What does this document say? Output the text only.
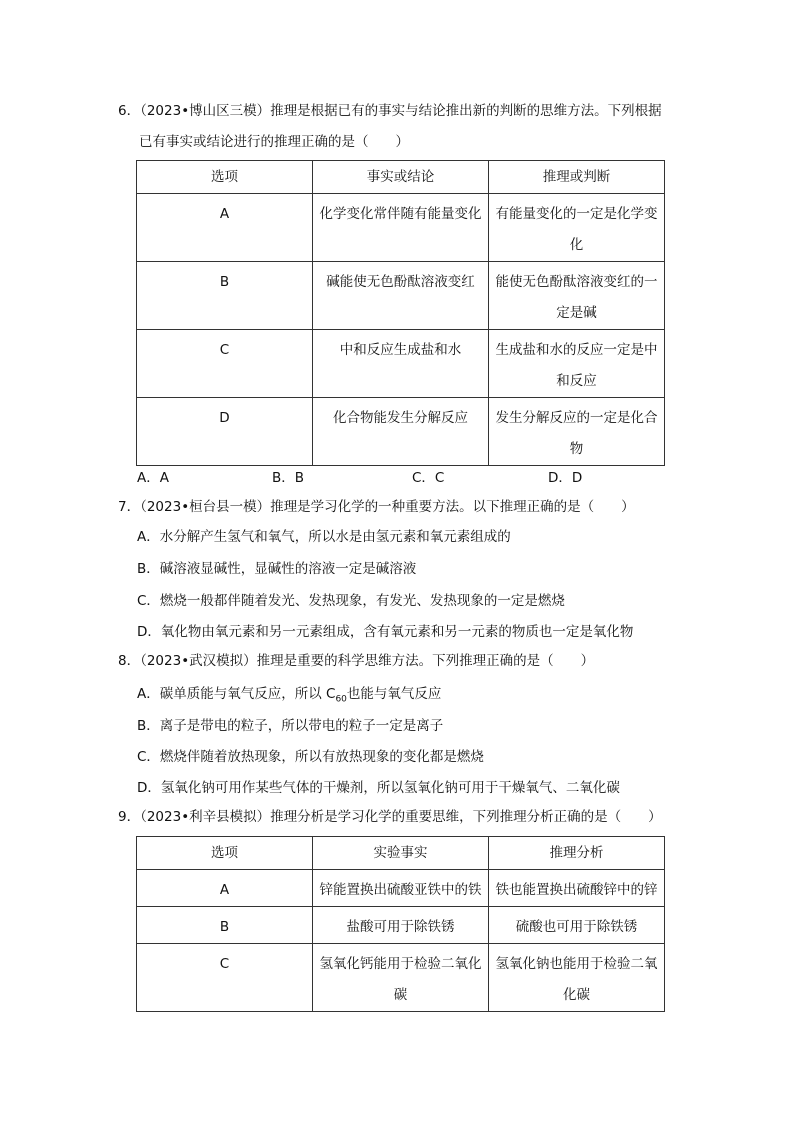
6．（2023•博山区三模）推理是根据已有的事实与结论推出新的判断的思维方法。下列根据
已有事实或结论进行的推理正确的是（　　）
选项	事实或结论	推理或判断
A	化学变化常伴随有能量变化	有能量变化的一定是化学变化
B	碱能使无色酚酞溶液变红	能使无色酚酞溶液变红的一定是碱
C	中和反应生成盐和水	生成盐和水的反应一定是中和反应
D	化合物能发生分解反应	发生分解反应的一定是化合物
A．A	B．B	C．C	D．D
7．（2023•桓台县一模）推理是学习化学的一种重要方法。以下推理正确的是（　　）
A．水分解产生氢气和氧气，所以水是由氢元素和氧元素组成的
B．碱溶液显碱性，显碱性的溶液一定是碱溶液
C．燃烧一般都伴随着发光、发热现象，有发光、发热现象的一定是燃烧
D．氧化物由氧元素和另一元素组成，含有氧元素和另一元素的物质也一定是氧化物
8．（2023•武汉模拟）推理是重要的科学思维方法。下列推理正确的是（　　）
A．碳单质能与氧气反应，所以 $C_{60}$也能与氧气反应
B．离子是带电的粒子，所以带电的粒子一定是离子
C．燃烧伴随着放热现象，所以有放热现象的变化都是燃烧
D．氢氧化钠可用作某些气体的干燥剂，所以氢氧化钠可用于干燥氧气、二氧化碳
9．（2023•利辛县模拟）推理分析是学习化学的重要思维，下列推理分析正确的是（　　）
选项	实验事实	推理分析
A	锌能置换出硫酸亚铁中的铁	铁也能置换出硫酸锌中的锌
B	盐酸可用于除铁锈	硫酸也可用于除铁锈
C	氢氧化钙能用于检验二氧化碳	氢氧化钠也能用于检验二氧化碳
